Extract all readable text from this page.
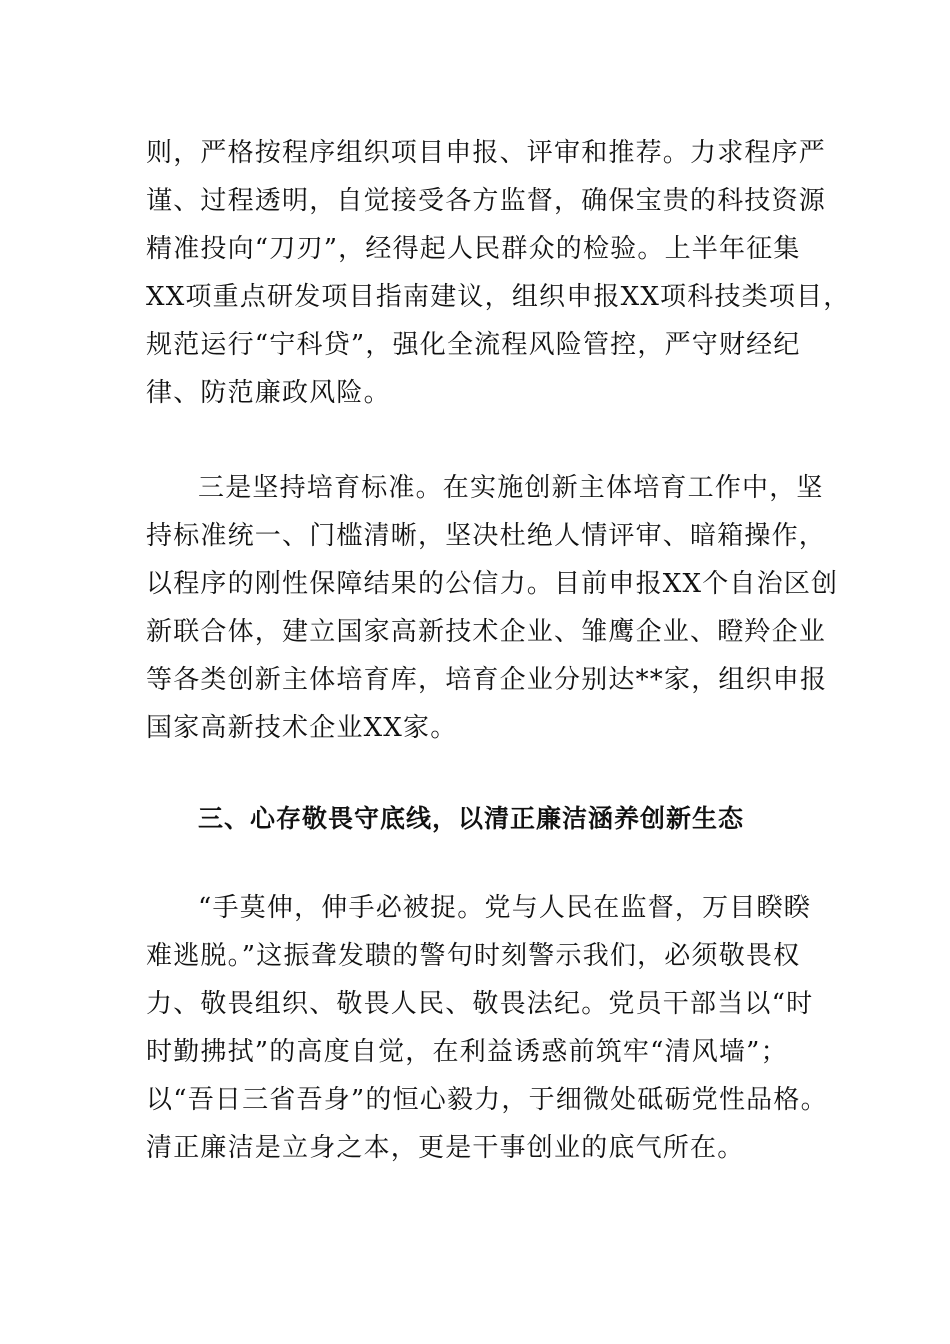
则，严格按程序组织项目申报、评审和推荐。力求程序严
谨、过程透明，自觉接受各方监督，确保宝贵的科技资源
精准投向“刀刃”，经得起人民群众的检验。上半年征集
XX项重点研发项目指南建议，组织申报XX项科技类项目，
规范运行“宁科贷”，强化全流程风险管控，严守财经纪
律、防范廉政风险。
三是坚持培育标准。在实施创新主体培育工作中，坚
持标准统一、门槛清晰，坚决杜绝人情评审、暗箱操作，
以程序的刚性保障结果的公信力。目前申报XX个自治区创
新联合体，建立国家高新技术企业、雏鹰企业、瞪羚企业
等各类创新主体培育库，培育企业分别达**家，组织申报
国家高新技术企业XX家。
三、心存敬畏守底线，以清正廉洁涵养创新生态
“手莫伸，伸手必被捉。党与人民在监督，万目睽睽
难逃脱。”这振聋发聩的警句时刻警示我们，必须敬畏权
力、敬畏组织、敬畏人民、敬畏法纪。党员干部当以“时
时勤拂拭”的高度自觉，在利益诱惑前筑牢“清风墙”；
以“吾日三省吾身”的恒心毅力，于细微处砥砺党性品格。
清正廉洁是立身之本，更是干事创业的底气所在。
